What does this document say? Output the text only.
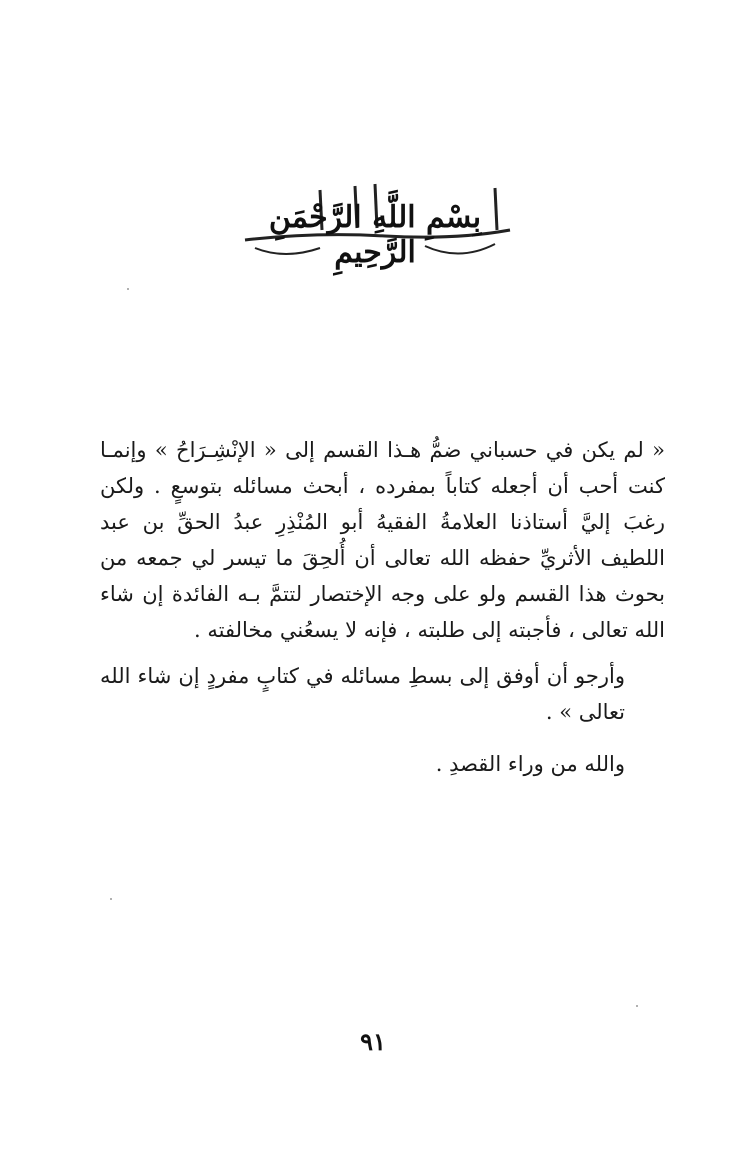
بِسْمِ اللَّهِ الرَّحْمَنِ الرَّحِيمِ

« لم يكن في حسباني ضمُّ هـذا القسم إلى « الإنْشِـرَاحُ » وإنمـا كنت أحب أن أجعله كتاباً بمفرده ، أبحث مسائله بتوسعٍ . ولكن رغبَ إليَّ أستاذنا العلامةُ الفقيهُ أبو المُنْذِرِ عبدُ الحقِّ بن عبد اللطيف الأثريِّ حفظه الله تعالى أن أُلحِقَ ما تيسر لي جمعه من بحوث هذا القسم ولو على وجه الإختصار لتتمَّ بـه الفائدة إن شاء الله تعالى ، فأجبته إلى طلبته ، فإنه لا يسعُني مخالفته .

وأرجو أن أوفق إلى بسطِ مسائله في كتابٍ مفردٍ إن شاء الله تعالى » .

والله من وراء القصدِ .

٩١
